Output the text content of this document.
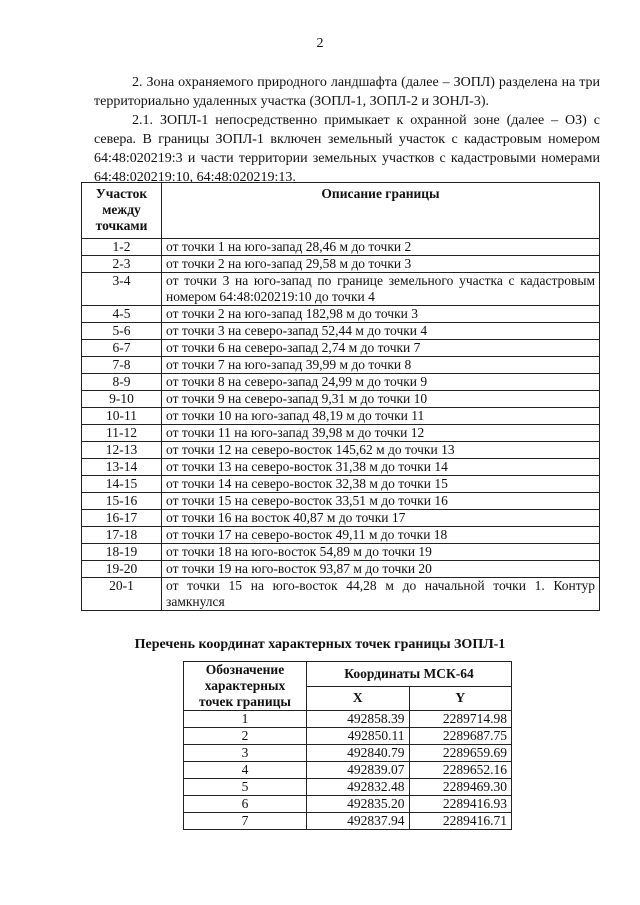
2

2. Зона охраняемого природного ландшафта (далее – ЗОПЛ) разделена на три территориально удаленных участка (ЗОПЛ-1, ЗОПЛ-2 и ЗОНЛ-3).

2.1. ЗОПЛ-1 непосредственно примыкает к охранной зоне (далее – ОЗ) с севера. В границы ЗОПЛ-1 включен земельный участок с кадастровым номером 64:48:020219:3 и части территории земельных участков с кадастровыми номерами 64:48:020219:10, 64:48:020219:13.

Участок между точками	Описание границы
1-2	от точки 1 на юго-запад 28,46 м до точки 2
2-3	от точки 2 на юго-запад 29,58 м до точки 3
3-4	от точки 3 на юго-запад по границе земельного участка с кадастровым номером 64:48:020219:10 до точки 4
4-5	от точки 2 на юго-запад 182,98 м до точки 3
5-6	от точки 3 на северо-запад 52,44 м до точки 4
6-7	от точки 6 на северо-запад 2,74 м до точки 7
7-8	от точки 7 на юго-запад 39,99 м до точки 8
8-9	от точки 8 на северо-запад 24,99 м до точки 9
9-10	от точки 9 на северо-запад 9,31 м до точки 10
10-11	от точки 10 на юго-запад 48,19 м до точки 11
11-12	от точки 11 на юго-запад 39,98 м до точки 12
12-13	от точки 12 на северо-восток 145,62 м до точки 13
13-14	от точки 13 на северо-восток 31,38 м до точки 14
14-15	от точки 14 на северо-восток 32,38 м до точки 15
15-16	от точки 15 на северо-восток 33,51 м до точки 16
16-17	от точки 16 на восток 40,87 м до точки 17
17-18	от точки 17 на северо-восток 49,11 м до точки 18
18-19	от точки 18 на юго-восток 54,89 м до точки 19
19-20	от точки 19 на юго-восток 93,87 м до точки 20
20-1	от точки 15 на юго-восток 44,28 м до начальной точки 1. Контур замкнулся
Перечень координат характерных точек границы ЗОПЛ-1
Обозначение характерных точек границы	Координаты МСК-64	
	X	Y
1	492858.39	2289714.98
2	492850.11	2289687.75
3	492840.79	2289659.69
4	492839.07	2289652.16
5	492832.48	2289469.30
6	492835.20	2289416.93
7	492837.94	2289416.71
